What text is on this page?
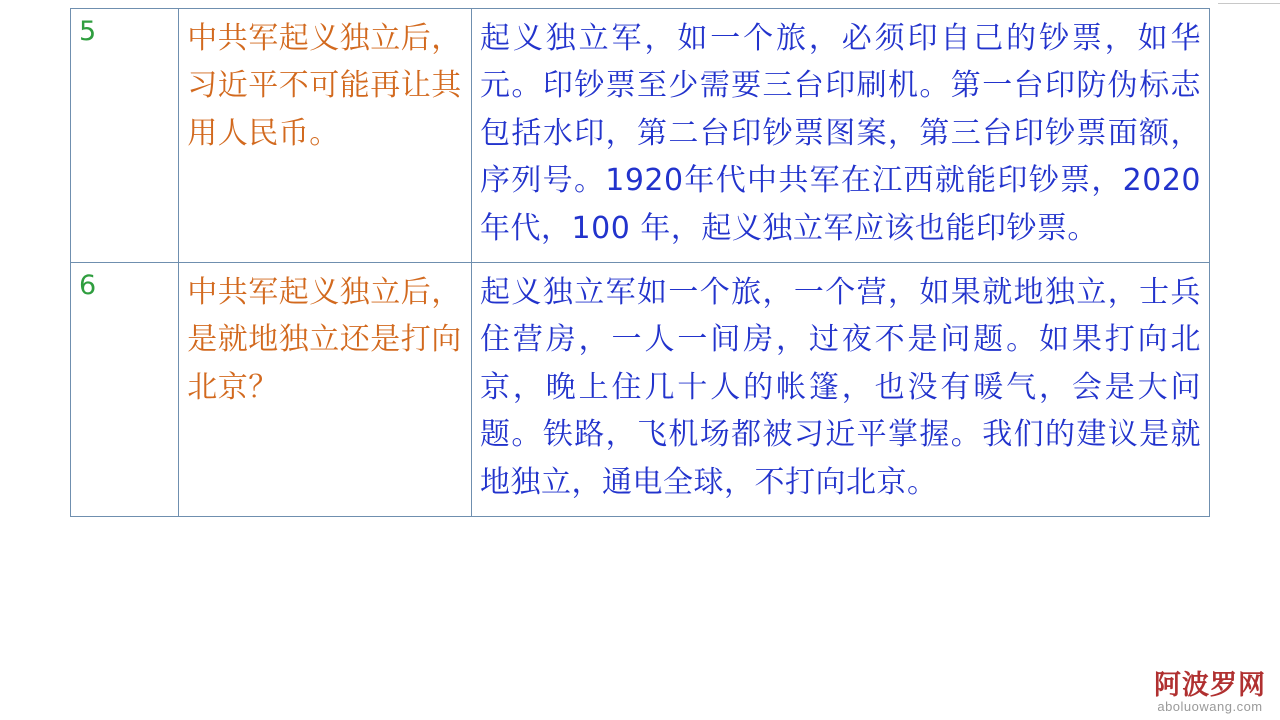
5	中共军起义独立后，习近平不可能再让其用人民币。	起义独立军，如一个旅，必须印自己的钞票，如华元。印钞票至少需要三台印刷机。第一台印防伪标志包括水印，第二台印钞票图案，第三台印钞票面额，序列号。1920年代中共军在江西就能印钞票，2020 年代，100 年，起义独立军应该也能印钞票。
6	中共军起义独立后，是就地独立还是打向北京？	起义独立军如一个旅，一个营，如果就地独立，士兵住营房，一人一间房，过夜不是问题。如果打向北京，晚上住几十人的帐篷，也没有暖气，会是大问题。铁路，飞机场都被习近平掌握。我们的建议是就地独立，通电全球，不打向北京。
阿波罗网
aboluowang.com
